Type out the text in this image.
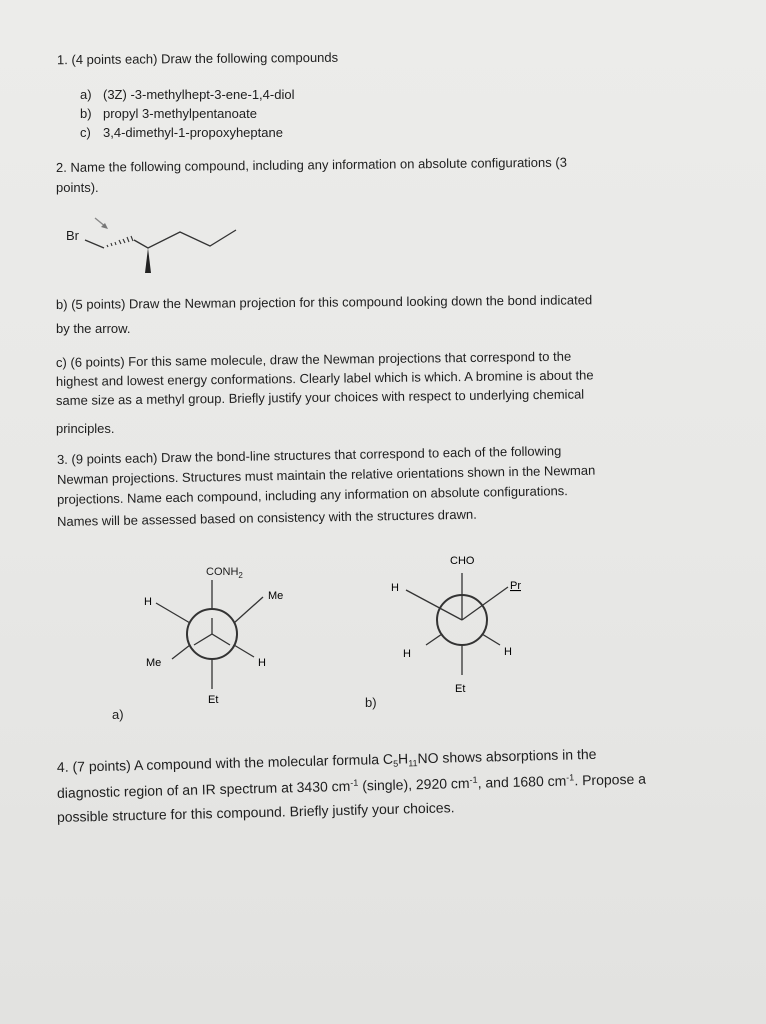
1. (4 points each) Draw the following compounds

a) (3Z) -3-methylhept-3-ene-1,4-diol

b) propyl 3-methylpentanoate

c) 3,4-dimethyl-1-propoxyheptane

2. Name the following compound, including any information on absolute configurations (3

points).

Br

b) (5 points) Draw the Newman projection for this compound looking down the bond indicated

by the arrow.

c) (6 points) For this same molecule, draw the Newman projections that correspond to the

highest and lowest energy conformations. Clearly label which is which. A bromine is about the

same size as a methyl group. Briefly justify your choices with respect to underlying chemical

principles.

3. (9 points each) Draw the bond-line structures that correspond to each of the following

Newman projections. Structures must maintain the relative orientations shown in the Newman

projections. Name each compound, including any information on absolute configurations.

Names will be assessed based on consistency with the structures drawn.

$CONH_2$
H	Me
Me	H
Et

a)

CHO
H	Pr
H	H
Et

b)

4. (7 points) A compound with the molecular formula $C_5H_{11}NO$ shows absorptions in the

diagnostic region of an IR spectrum at 3430 $cm^{-1}$ (single), 2920 $cm^{-1}$, and 1680 $cm^{-1}$. Propose a

possible structure for this compound. Briefly justify your choices.
